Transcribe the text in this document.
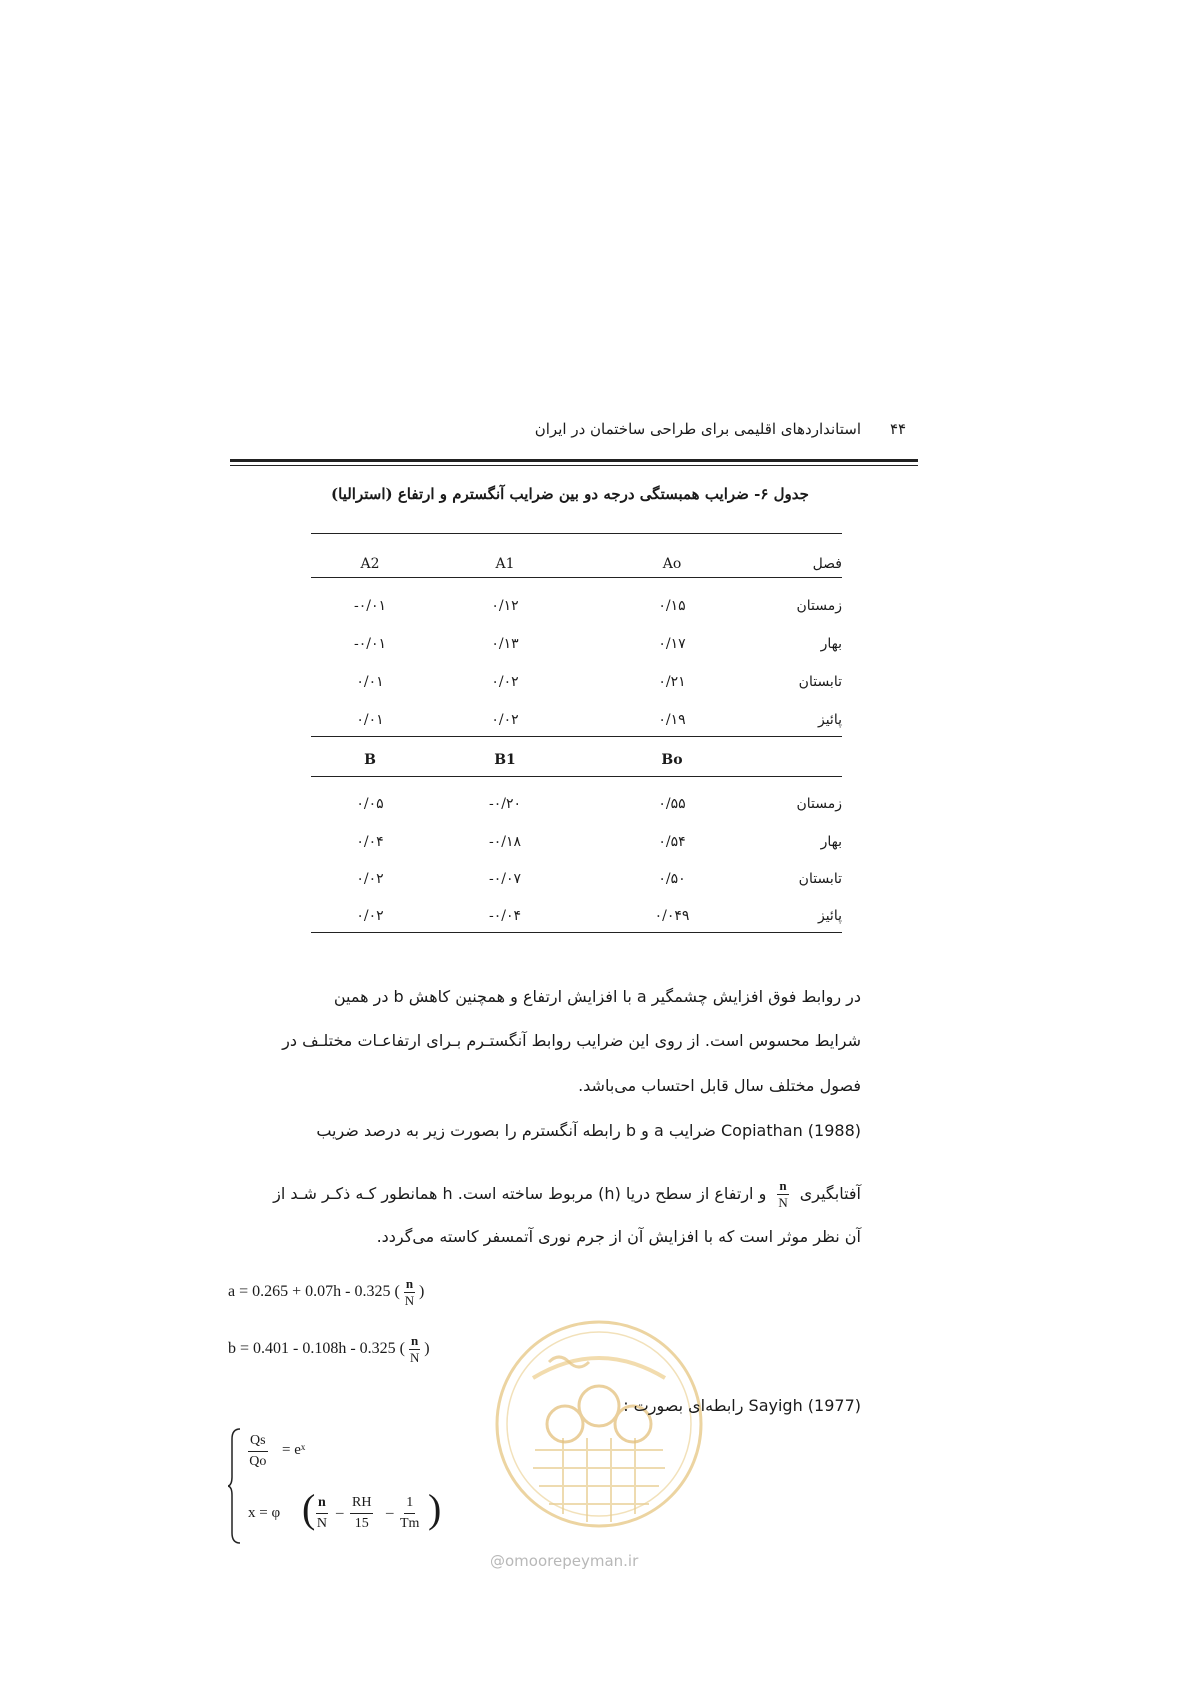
استانداردهای اقلیمی برای طراحی ساختمان در ایران ۴۴
جدول ۶- ضرایب همبستگی درجه دو بین ضرایب آنگسترم و ارتفاع (استرالیا)
فصل
Ao
A1
A2
زمستان
۰/۱۵
۰/۱۲
-۰/۰۱
بهار
۰/۱۷
۰/۱۳
-۰/۰۱
تابستان
۰/۲۱
۰/۰۲
۰/۰۱
پائیز
۰/۱۹
۰/۰۲
۰/۰۱
Bo
B1
B
زمستان
۰/۵۵
-۰/۲۰
۰/۰۵
بهار
۰/۵۴
-۰/۱۸
۰/۰۴
تابستان
۰/۵۰
-۰/۰۷
۰/۰۲
پائیز
۰/۰۴۹
-۰/۰۴
۰/۰۲
در روابط فوق افزایش چشمگیر a با افزایش ارتفاع و همچنین کاهش b در همین
شرایط محسوس است. از روی این ضرایب روابط آنگستـرم بـرای ارتفاعـات مختلـف در
فصول مختلف سال قابل احتساب می‌باشد.
Copiathan (1988) ضرایب a و b رابطه آنگسترم را بصورت زیر به درصد ضریب
آفتابگیری
$\frac{n}{N}$
و ارتفاع از سطح دریا (h) مربوط ساخته است. h همانطور کـه ذکـر شـد از
آن نظر موثر است که با افزایش آن از جرم نوری آتمسفر کاسته می‌گردد.
a = 0.265 + 0.07h - 0.325 ( $\frac{n}{N}$ )
b = 0.401 - 0.108h - 0.325 ( $\frac{n}{N}$ )
@omoorepeyman.ir
Sayigh (1977) رابطه‌ای بصورت :
$\frac{Qs}{Qo}$ = eˣ
x = φ ( $\frac{n}{N} - \frac{RH}{15} - \frac{1}{Tm}$ )
